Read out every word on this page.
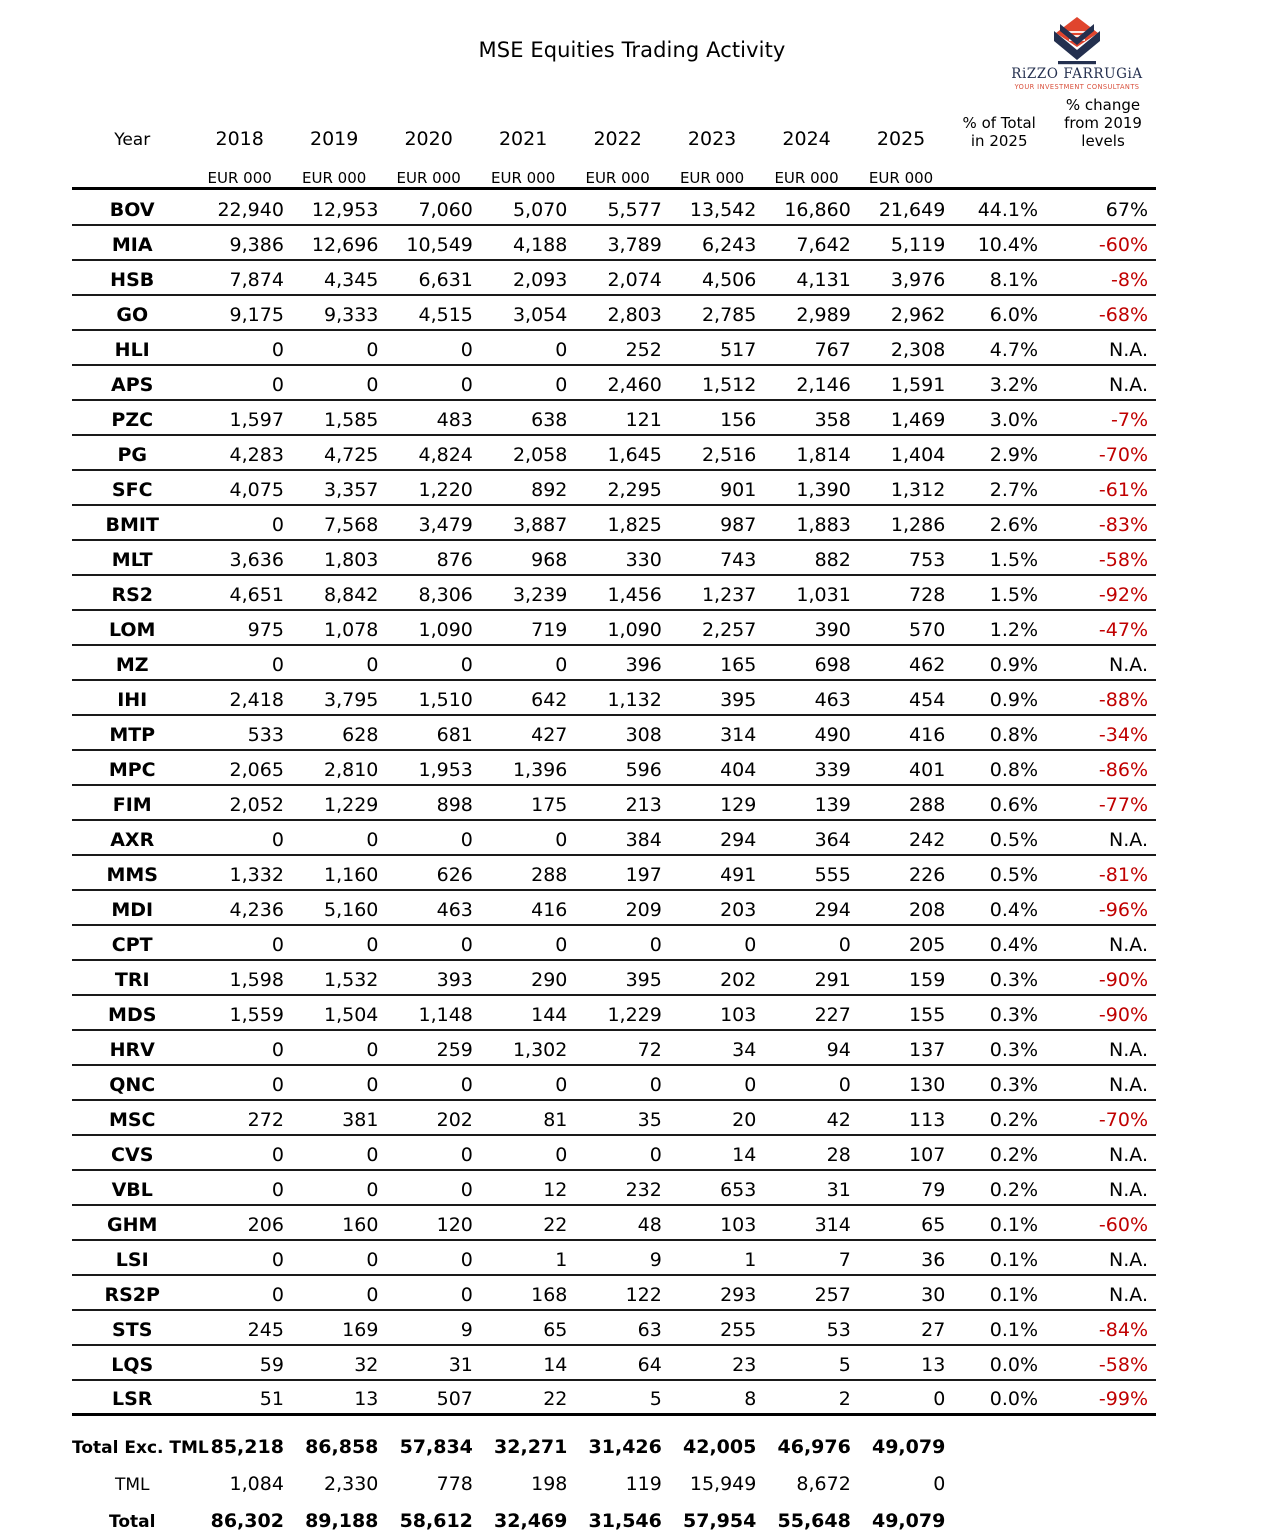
MSE Equities Trading Activity
RiZZO FARRUGiA
YOUR INVESTMENT CONSULTANTS
Year	2018	2019	2020	2021	2022	2023	2024	2025	
% of Total
in 2025

% change
from 2019
levels

	EUR 000	EUR 000	EUR 000	EUR 000	EUR 000	EUR 000	EUR 000	EUR 000		

BOV	22,940	12,953	7,060	5,070	5,577	13,542	16,860	21,649	44.1%	67%
MIA	9,386	12,696	10,549	4,188	3,789	6,243	7,642	5,119	10.4%	-60%
HSB	7,874	4,345	6,631	2,093	2,074	4,506	4,131	3,976	8.1%	-8%
GO	9,175	9,333	4,515	3,054	2,803	2,785	2,989	2,962	6.0%	-68%
HLI	0	0	0	0	252	517	767	2,308	4.7%	N.A.
APS	0	0	0	0	2,460	1,512	2,146	1,591	3.2%	N.A.
PZC	1,597	1,585	483	638	121	156	358	1,469	3.0%	-7%
PG	4,283	4,725	4,824	2,058	1,645	2,516	1,814	1,404	2.9%	-70%
SFC	4,075	3,357	1,220	892	2,295	901	1,390	1,312	2.7%	-61%
BMIT	0	7,568	3,479	3,887	1,825	987	1,883	1,286	2.6%	-83%
MLT	3,636	1,803	876	968	330	743	882	753	1.5%	-58%
RS2	4,651	8,842	8,306	3,239	1,456	1,237	1,031	728	1.5%	-92%
LOM	975	1,078	1,090	719	1,090	2,257	390	570	1.2%	-47%
MZ	0	0	0	0	396	165	698	462	0.9%	N.A.
IHI	2,418	3,795	1,510	642	1,132	395	463	454	0.9%	-88%
MTP	533	628	681	427	308	314	490	416	0.8%	-34%
MPC	2,065	2,810	1,953	1,396	596	404	339	401	0.8%	-86%
FIM	2,052	1,229	898	175	213	129	139	288	0.6%	-77%
AXR	0	0	0	0	384	294	364	242	0.5%	N.A.
MMS	1,332	1,160	626	288	197	491	555	226	0.5%	-81%
MDI	4,236	5,160	463	416	209	203	294	208	0.4%	-96%
CPT	0	0	0	0	0	0	0	205	0.4%	N.A.
TRI	1,598	1,532	393	290	395	202	291	159	0.3%	-90%
MDS	1,559	1,504	1,148	144	1,229	103	227	155	0.3%	-90%
HRV	0	0	259	1,302	72	34	94	137	0.3%	N.A.
QNC	0	0	0	0	0	0	0	130	0.3%	N.A.
MSC	272	381	202	81	35	20	42	113	0.2%	-70%
CVS	0	0	0	0	0	14	28	107	0.2%	N.A.
VBL	0	0	0	12	232	653	31	79	0.2%	N.A.
GHM	206	160	120	22	48	103	314	65	0.1%	-60%
LSI	0	0	0	1	9	1	7	36	0.1%	N.A.
RS2P	0	0	0	168	122	293	257	30	0.1%	N.A.
STS	245	169	9	65	63	255	53	27	0.1%	-84%
LQS	59	32	31	14	64	23	5	13	0.0%	-58%
LSR	51	13	507	22	5	8	2	0	0.0%	-99%

Total Exc. TML	85,218	86,858	57,834	32,271	31,426	42,005	46,976	49,079		
TML	1,084	2,330	778	198	119	15,949	8,672	0		
Total	86,302	89,188	58,612	32,469	31,546	57,954	55,648	49,079		
